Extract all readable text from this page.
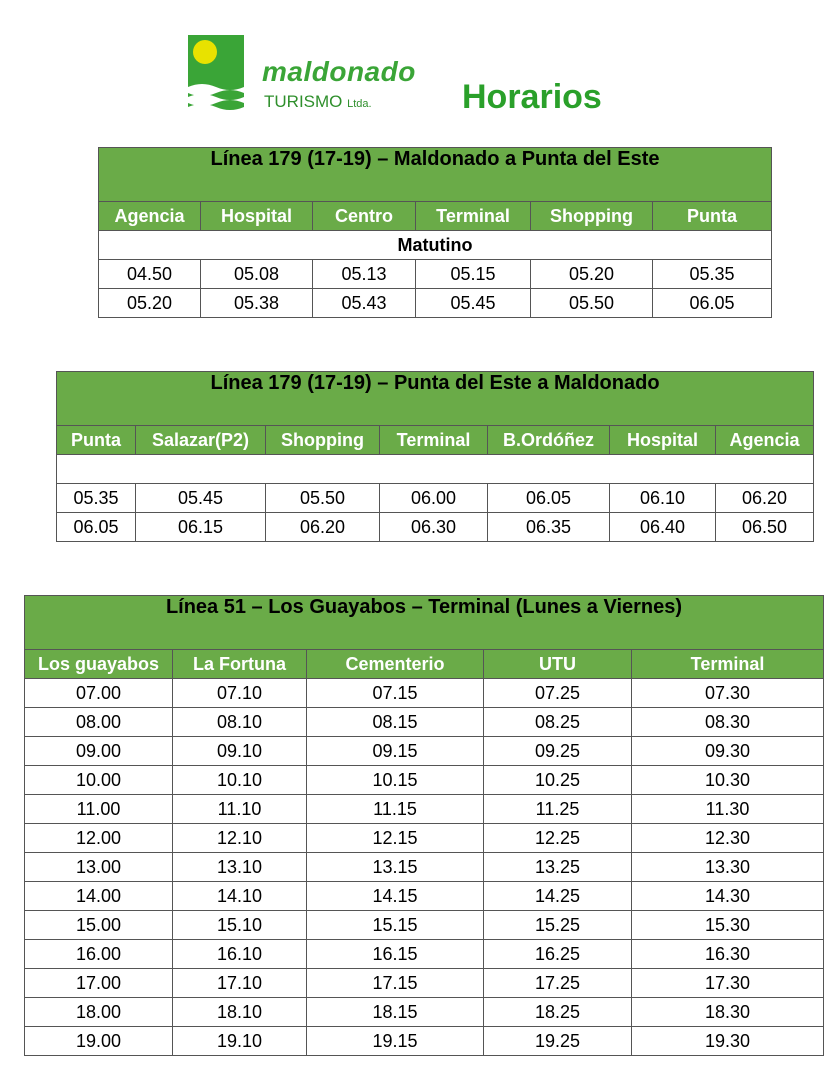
maldonado
TURISMO Ltda.	Horarios
Línea 179 (17-19) – Maldonado a Punta del Este					
Agencia	Hospital	Centro	Terminal	Shopping	Punta
Matutino					
04.50	05.08	05.13	05.15	05.20	05.35
05.20	05.38	05.43	05.45	05.50	06.05
Línea 179 (17-19) – Punta del Este a Maldonado						
Punta	Salazar(P2)	Shopping	Terminal	B.Ordóñez	Hospital	Agencia

05.35	05.45	05.50	06.00	06.05	06.10	06.20
06.05	06.15	06.20	06.30	06.35	06.40	06.50
Línea 51 – Los Guayabos – Terminal (Lunes a Viernes)				
Los guayabos	La Fortuna	Cementerio	UTU	Terminal
07.00	07.10	07.15	07.25	07.30
08.00	08.10	08.15	08.25	08.30
09.00	09.10	09.15	09.25	09.30
10.00	10.10	10.15	10.25	10.30
11.00	11.10	11.15	11.25	11.30
12.00	12.10	12.15	12.25	12.30
13.00	13.10	13.15	13.25	13.30
14.00	14.10	14.15	14.25	14.30
15.00	15.10	15.15	15.25	15.30
16.00	16.10	16.15	16.25	16.30
17.00	17.10	17.15	17.25	17.30
18.00	18.10	18.15	18.25	18.30
19.00	19.10	19.15	19.25	19.30
